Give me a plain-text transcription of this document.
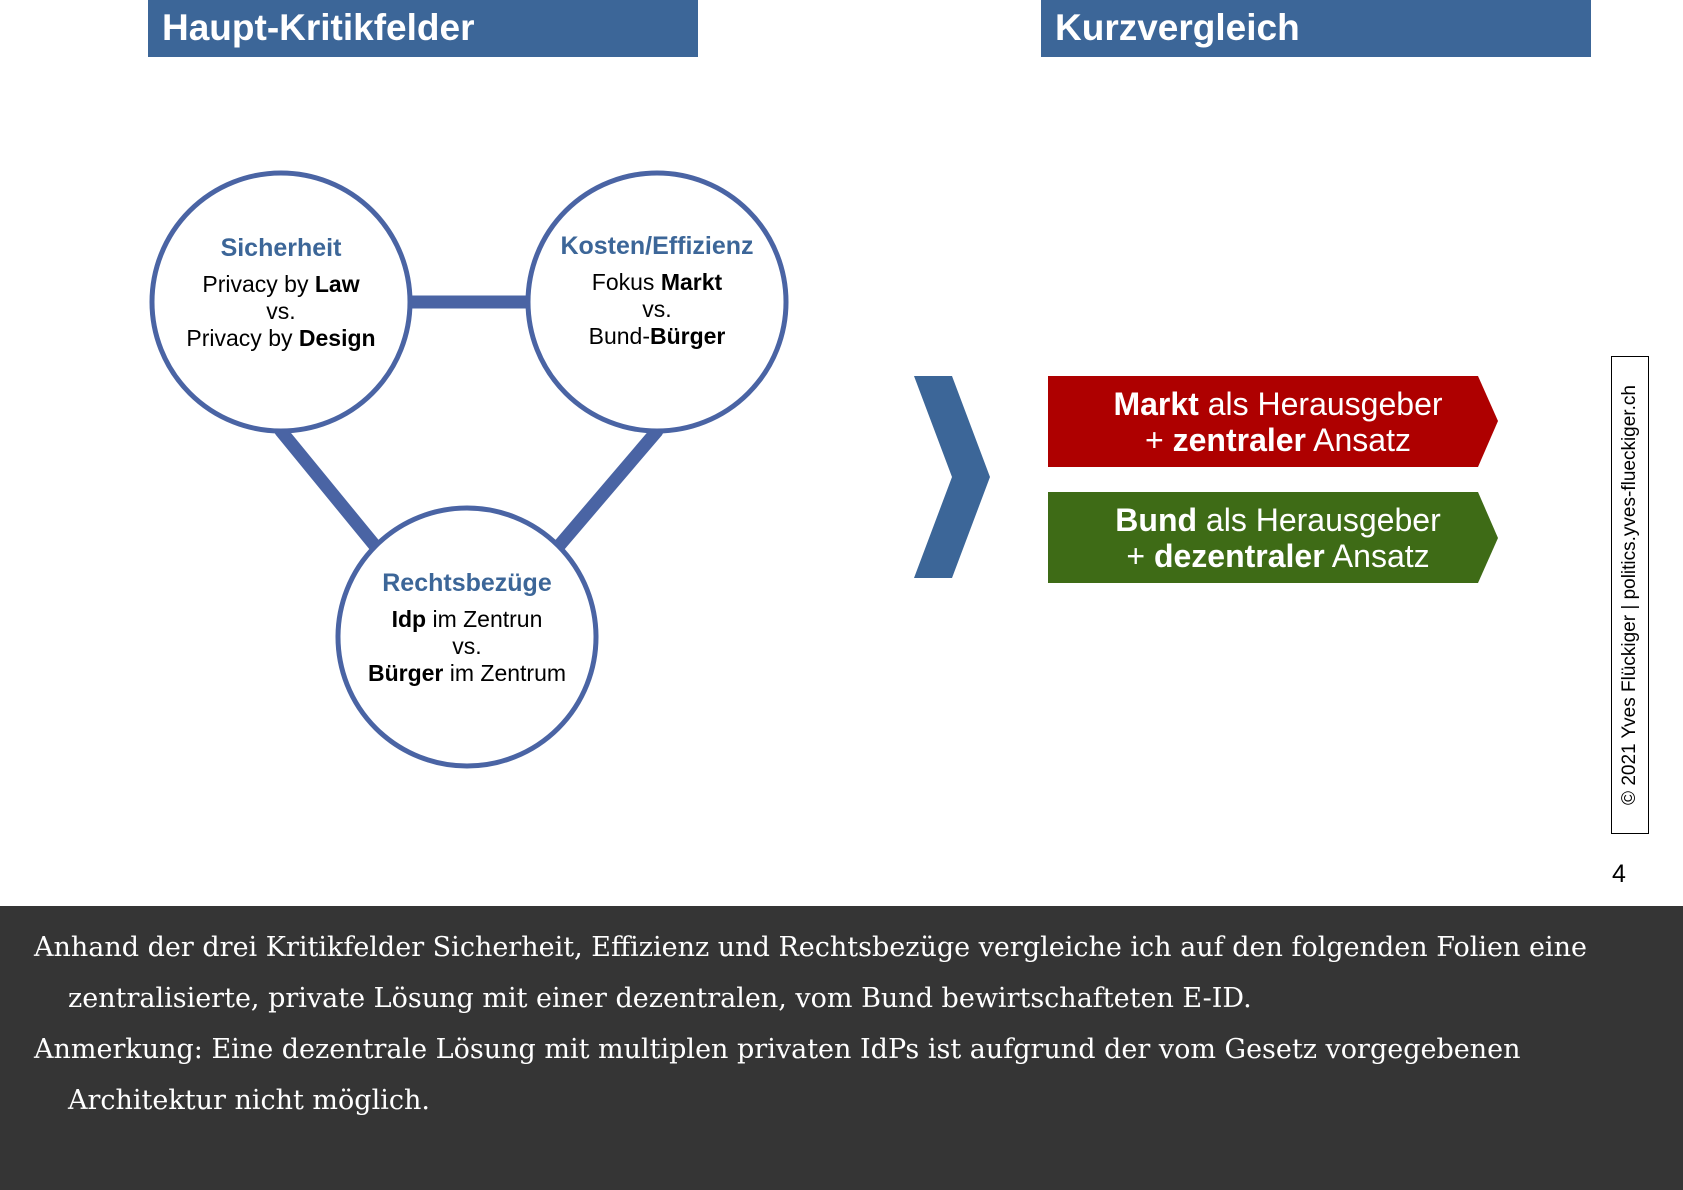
Haupt-Kritikfelder	Kurzvergleich
Sicherheit
Privacy by Law
vs.
Privacy by Design
Kosten/Effizienz
Fokus Markt
vs.
Bund-Bürger
Rechtsbezüge
Idp im Zentrun
vs.
Bürger im Zentrum
Markt als Herausgeber
+ zentraler Ansatz
Bund als Herausgeber
+ dezentraler Ansatz	© 2021 Yves Flückiger | politics.yves-flueckiger.ch
4

Anhand der drei Kritikfelder Sicherheit, Effizienz und Rechtsbezüge vergleiche ich auf den folgenden Folien eine zentralisierte, private Lösung mit einer dezentralen, vom Bund bewirtschafteten E-ID.

Anmerkung: Eine dezentrale Lösung mit multiplen privaten IdPs ist aufgrund der vom Gesetz vorgegebenen Architektur nicht möglich.
